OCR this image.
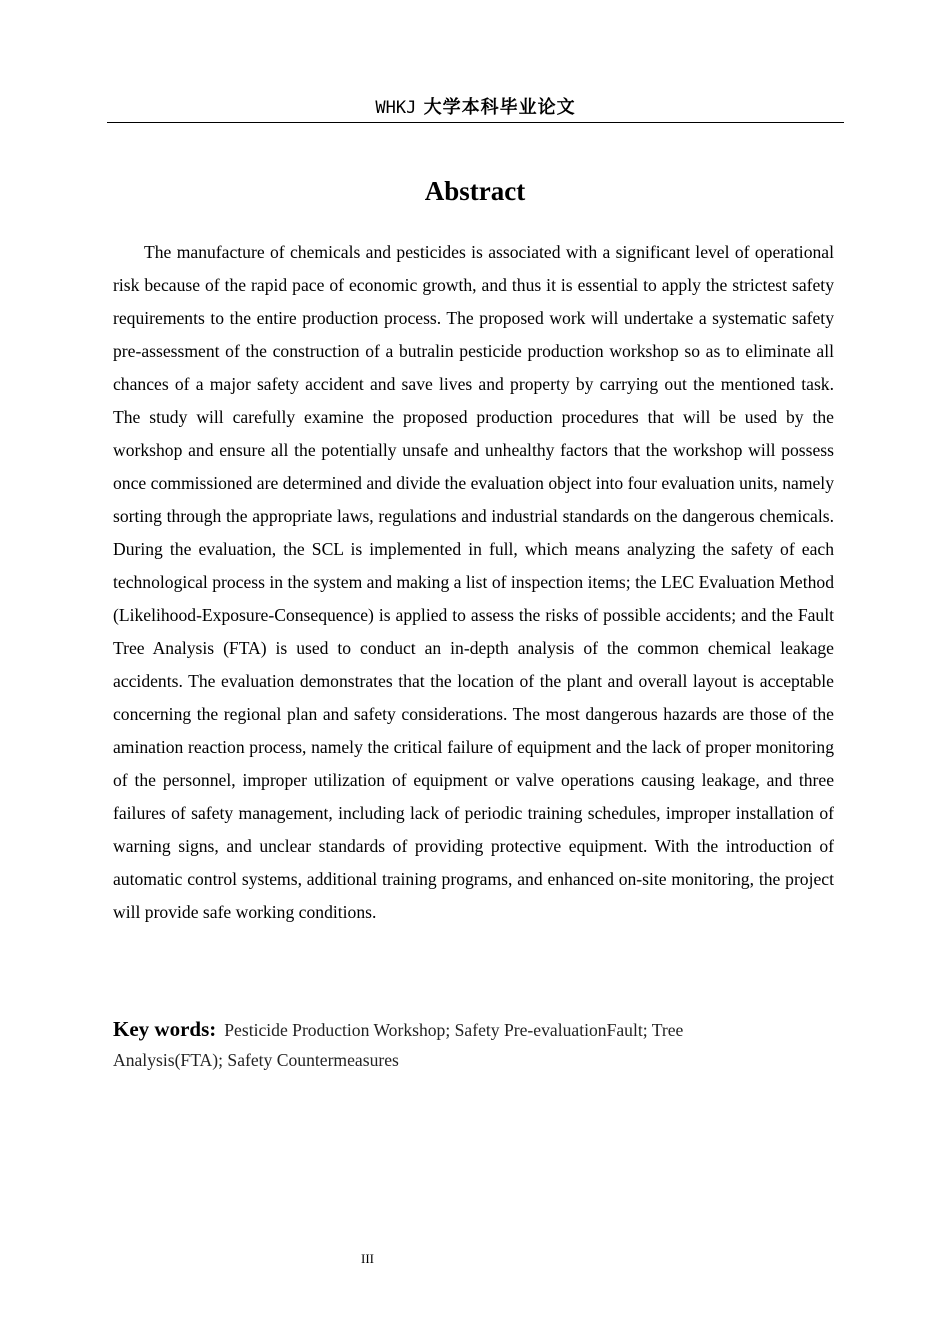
WHKJ 大学本科毕业论文
Abstract

The manufacture of chemicals and pesticides is associated with a significant level of operational risk because of the rapid pace of economic growth, and thus it is essential to apply the strictest safety requirements to the entire production process. The proposed work will undertake a systematic safety pre-assessment of the construction of a butralin pesticide production workshop so as to eliminate all chances of a major safety accident and save lives and property by carrying out the mentioned task. The study will carefully examine the proposed production procedures that will be used by the workshop and ensure all the potentially unsafe and unhealthy factors that the workshop will possess once commissioned are determined and divide the evaluation object into four evaluation units, namely sorting through the appropriate laws, regulations and industrial standards on the dangerous chemicals. During the evaluation, the SCL is implemented in full, which means analyzing the safety of each technological process in the system and making a list of inspection items; the LEC Evaluation Method (Likelihood-Exposure-Consequence) is applied to assess the risks of possible accidents; and the Fault Tree Analysis (FTA) is used to conduct an in-depth analysis of the common chemical leakage accidents. The evaluation demonstrates that the location of the plant and overall layout is acceptable concerning the regional plan and safety considerations. The most dangerous hazards are those of the amination reaction process, namely the critical failure of equipment and the lack of proper monitoring of the personnel, improper utilization of equipment or valve operations causing leakage, and three failures of safety management, including lack of periodic training schedules, improper installation of warning signs, and unclear standards of providing protective equipment. With the introduction of automatic control systems, additional training programs, and enhanced on-site monitoring, the project will provide safe working conditions.

Key words: Pesticide Production Workshop; Safety Pre-evaluationFault; Tree Analysis(FTA); Safety Countermeasures

III
